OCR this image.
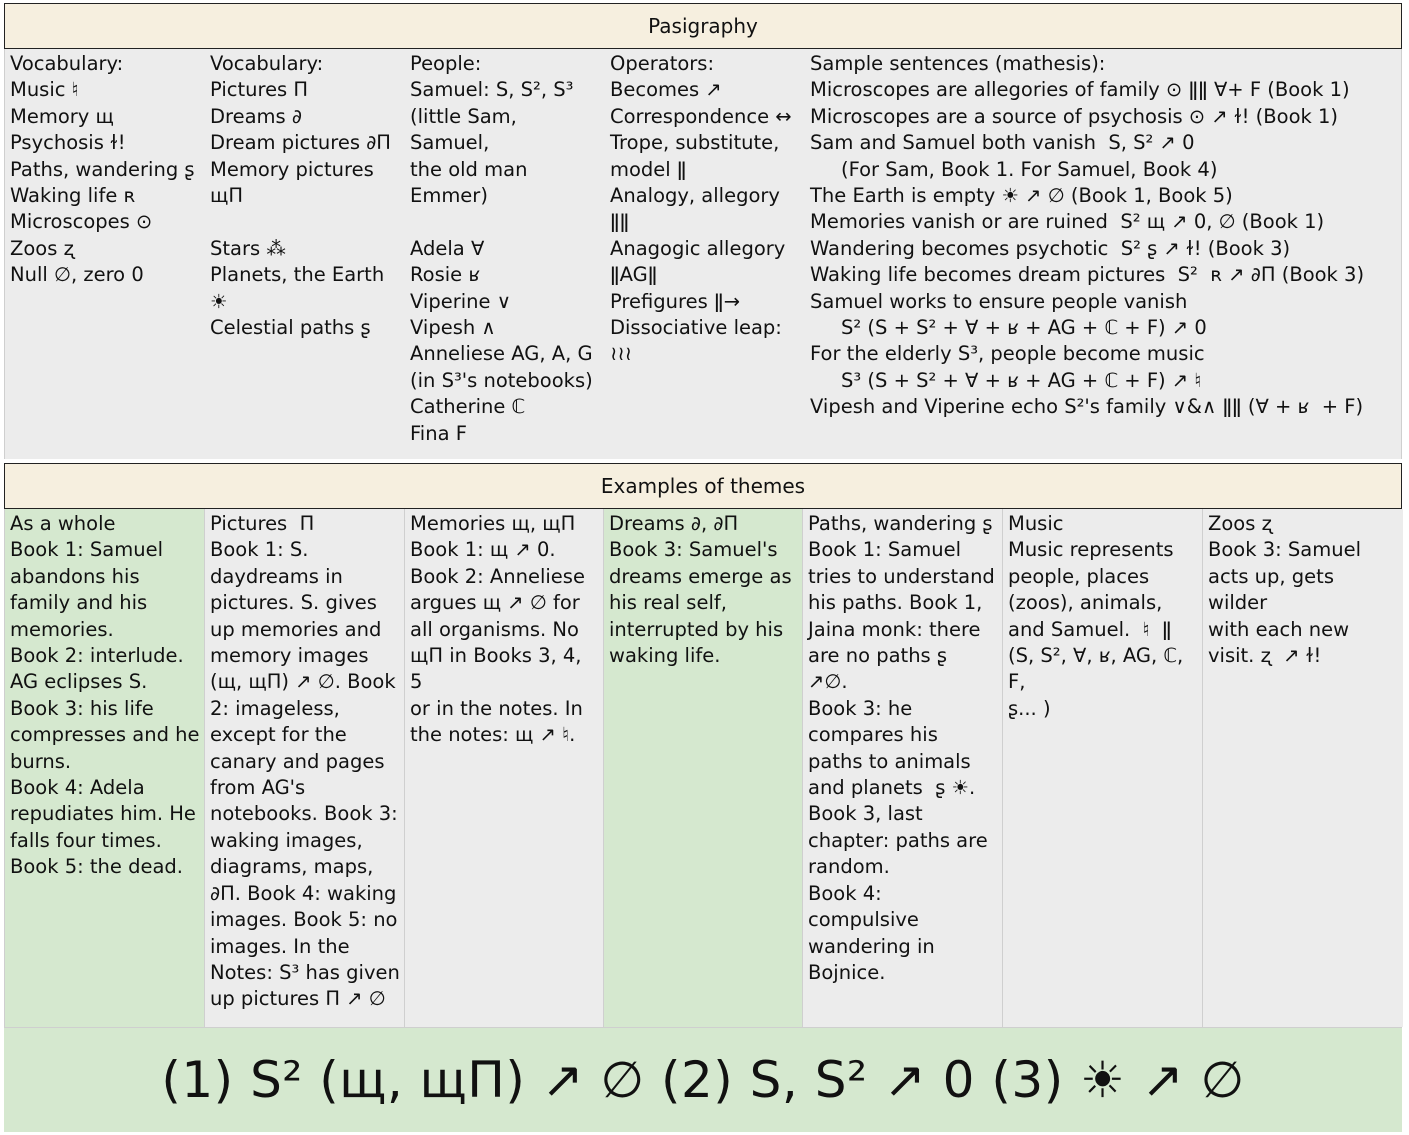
Pasigraphy
Vocabulary:
Music ♮
Memory щ
Psychosis ɫ!
Paths, wandering ʂ
Waking life ʀ
Microscopes ⊙
Zoos ʐ
Null ∅, zero 0
Vocabulary:
Pictures Π
Dreams ∂
Dream pictures ∂Π
Memory pictures
щΠ

Stars ⁂
Planets, the Earth
☀
Celestial paths ʂ
People:
Samuel: S, S², S³
(little Sam, Samuel,
the old man
Emmer)

Adela ∀
Rosie ʁ
Viperine ∨
Vipesh ∧
Anneliese AG, A, G
(in S³'s notebooks)
Catherine ℂ
Fina F
Operators:
Becomes ↗
Correspondence ↔
Trope, substitute,
model ǁ
Analogy, allegory
ǁǁ
Anagogic allegory
ǁAGǁ
Prefigures ǁ→
Dissociative leap:
≀≀≀
Sample sentences (mathesis):
Microscopes are allegories of family ⊙ ǁǁ ∀+ F (Book 1)
Microscopes are a source of psychosis ⊙ ↗ ɫ! (Book 1)
Sam and Samuel both vanish  S, S² ↗ 0
(For Sam, Book 1. For Samuel, Book 4)
The Earth is empty ☀ ↗ ∅ (Book 1, Book 5)
Memories vanish or are ruined  S² щ ↗ 0, ∅ (Book 1)
Wandering becomes psychotic  S² ʂ ↗ ɫ! (Book 3)
Waking life becomes dream pictures  S²  ʀ ↗ ∂Π (Book 3)
Samuel works to ensure people vanish
S² (S + S² + ∀ + ʁ + AG + ℂ + F) ↗ 0
For the elderly S³, people become music
S³ (S + S² + ∀ + ʁ + AG + ℂ + F) ↗ ♮
Vipesh and Viperine echo S²'s family ∨&∧ ǁǁ (∀ + ʁ  + F)
Examples of themes
As a whole
Book 1: Samuel
abandons his
family and his
memories.
Book 2: interlude.
AG eclipses S.
Book 3: his life
compresses and he
burns.
Book 4: Adela
repudiates him. He
falls four times.
Book 5: the dead.
Pictures  Π
Book 1: S.
daydreams in
pictures. S. gives
up memories and
memory images
(щ, щΠ) ↗ ∅. Book
2: imageless,
except for the
canary and pages
from AG's
notebooks. Book 3:
waking images,
diagrams, maps,
∂Π. Book 4: waking
images. Book 5: no
images. In the
Notes: S³ has given
up pictures Π ↗ ∅
Memories щ, щΠ
Book 1: щ ↗ 0.
Book 2: Anneliese
argues щ ↗ ∅ for
all organisms. No
щΠ in Books 3, 4, 5
or in the notes. In
the notes: щ ↗ ♮.
Dreams ∂, ∂Π
Book 3: Samuel's
dreams emerge as
his real self,
interrupted by his
waking life.
Paths, wandering ʂ
Book 1: Samuel
tries to understand
his paths. Book 1,
Jaina monk: there
are no paths ʂ
↗∅.
Book 3: he
compares his
paths to animals
and planets  ʂ ☀.
Book 3, last
chapter: paths are
random.
Book 4: compulsive
wandering in
Bojnice.
Music
Music represents
people, places
(zoos), animals,
and Samuel.  ♮  ǁ
(S, S², ∀, ʁ, AG, ℂ, F,
ʂ... )
Zoos ʐ
Book 3: Samuel
acts up, gets wilder
with each new
visit. ʐ  ↗ ɫ!
(1) S² (щ, щΠ) ↗ ∅ (2) S, S² ↗ 0 (3) ☀ ↗ ∅
